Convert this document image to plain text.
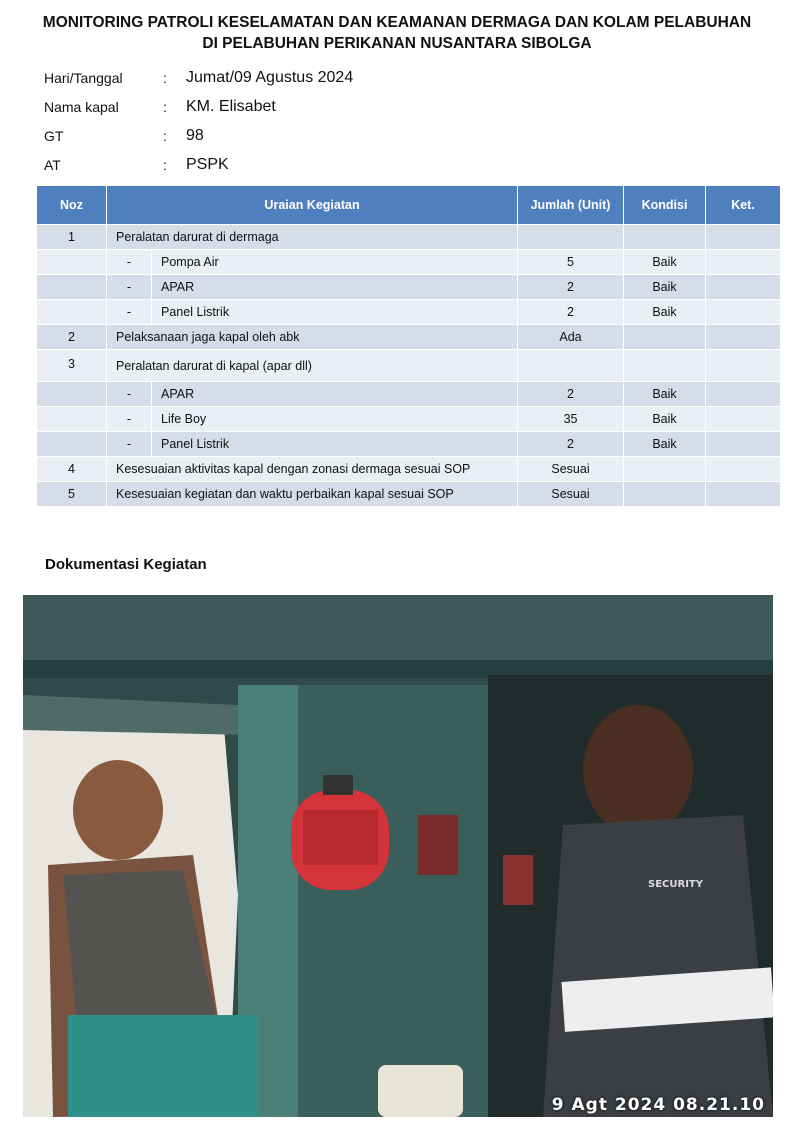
MONITORING PATROLI KESELAMATAN DAN KEAMANAN DERMAGA DAN KOLAM PELABUHAN
DI PELABUHAN PERIKANAN NUSANTARA SIBOLGA
Hari/Tanggal	: Jumat/09 Agustus 2024
Nama kapal	: KM. Elisabet
GT	: 98
AT	: PSPK
Noz	Uraian Kegiatan		Jumlah (Unit)	Kondisi	Ket.
1	Peralatan darurat di dermaga				
	-	Pompa Air	5	Baik	
	-	APAR	2	Baik	
	-	Panel Listrik	2	Baik	
2	Pelaksanaan jaga kapal oleh abk		Ada		
3	Peralatan darurat di kapal (apar dll)				
	-	APAR	2	Baik	
	-	Life Boy	35	Baik	
	-	Panel Listrik	2	Baik	
4	Kesesuaian aktivitas kapal dengan zonasi dermaga sesuai SOP		Sesuai		
5	Kesesuaian kegiatan dan waktu perbaikan kapal sesuai SOP		Sesuai		
Dokumentasi Kegiatan
SECURITY
9 Agt 2024 08.21.10
